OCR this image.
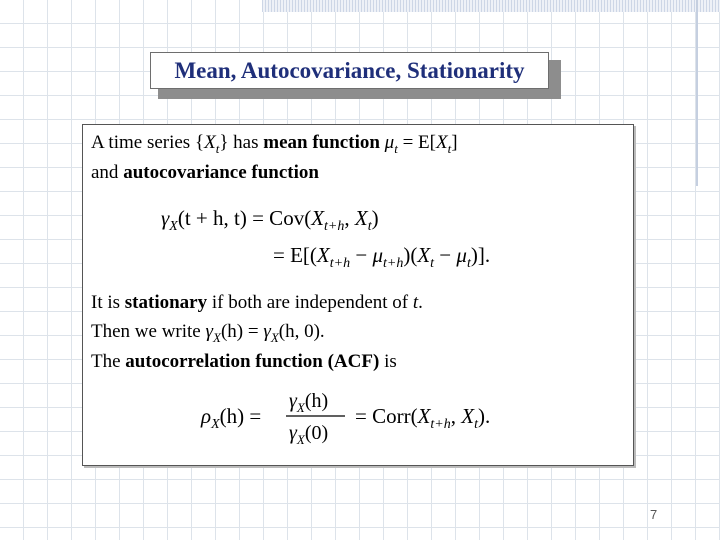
Mean, Autocovariance, Stationarity
A time series $\{X_t\}$ has mean function $\mu_t = E[X_t]$
and autocovariance function
$\gamma_X(t + h$, $t) = Cov(X_{t+h}$, $X_t$)
= $E[(X_{t+h} - \mu_{t+h})(X_t - \mu_t)]$.
It is stationary if both are independent of t.
Then we write $\gamma_X(h) = \gamma_X(h$, 0).
The autocorrelation function (ACF) is
$\rho_X(h)$ =
$\gamma_X(h)$
$\gamma_X(0)$
= $Corr(X_{t+h}$, $X_t$).
7
